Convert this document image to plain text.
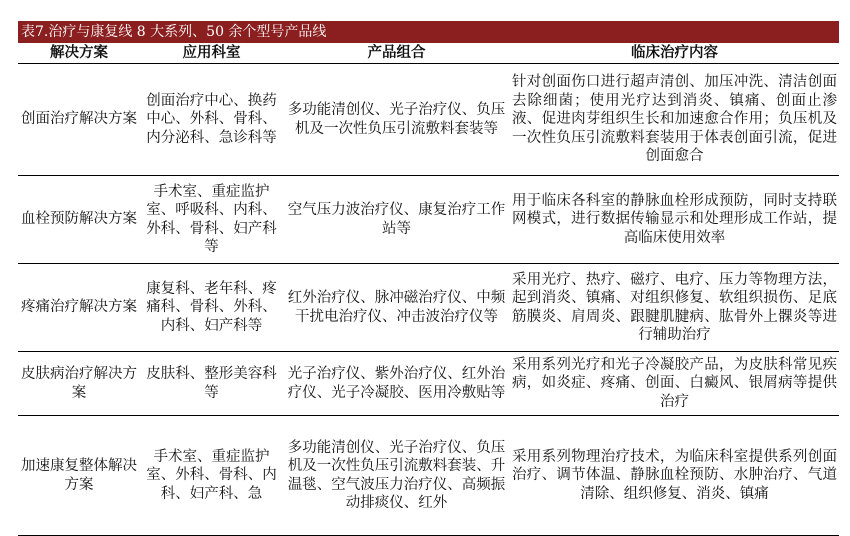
表7.治疗与康复线 8 大系列、50 余个型号产品线
解决方案	应用科室	产品组合	临床治疗内容
创面治疗解决方案	创面治疗中心、换药中心、外科、骨科、内分泌科、急诊科等	多功能清创仪、光子治疗仪、负压机及一次性负压引流敷料套装等	针对创面伤口进行超声清创、加压冲洗、清洁创面去除细菌；使用光疗达到消炎、镇痛、创面止渗液、促进肉芽组织生长和加速愈合作用；负压机及一次性负压引流敷料套装用于体表创面引流，促进创面愈合
血栓预防解决方案	手术室、重症监护室、呼吸科、内科、外科、骨科、妇产科等	空气压力波治疗仪、康复治疗工作站等	用于临床各科室的静脉血栓形成预防，同时支持联网模式，进行数据传输显示和处理形成工作站，提高临床使用效率
疼痛治疗解决方案	康复科、老年科、疼痛科、骨科、外科、内科、妇产科等	红外治疗仪、脉冲磁治疗仪、中频干扰电治疗仪、冲击波治疗仪等	采用光疗、热疗、磁疗、电疗、压力等物理方法，起到消炎、镇痛、对组织修复、软组织损伤、足底筋膜炎、肩周炎、跟腱肌腱病、肱骨外上髁炎等进行辅助治疗
皮肤病治疗解决方案	皮肤科、整形美容科等	光子治疗仪、紫外治疗仪、红外治疗仪、光子冷凝胶、医用冷敷贴等	采用系列光疗和光子冷凝胶产品，为皮肤科常见疾病，如炎症、疼痛、创面、白癜风、银屑病等提供治疗
加速康复整体解决方案	手术室、重症监护室、外科、骨科、内科、妇产科、急	多功能清创仪、光子治疗仪、负压机及一次性负压引流敷料套装、升温毯、空气波压力治疗仪、高频振动排痰仪、红外	采用系列物理治疗技术，为临床科室提供系列创面治疗、调节体温、静脉血栓预防、水肿治疗、气道清除、组织修复、消炎、镇痛
